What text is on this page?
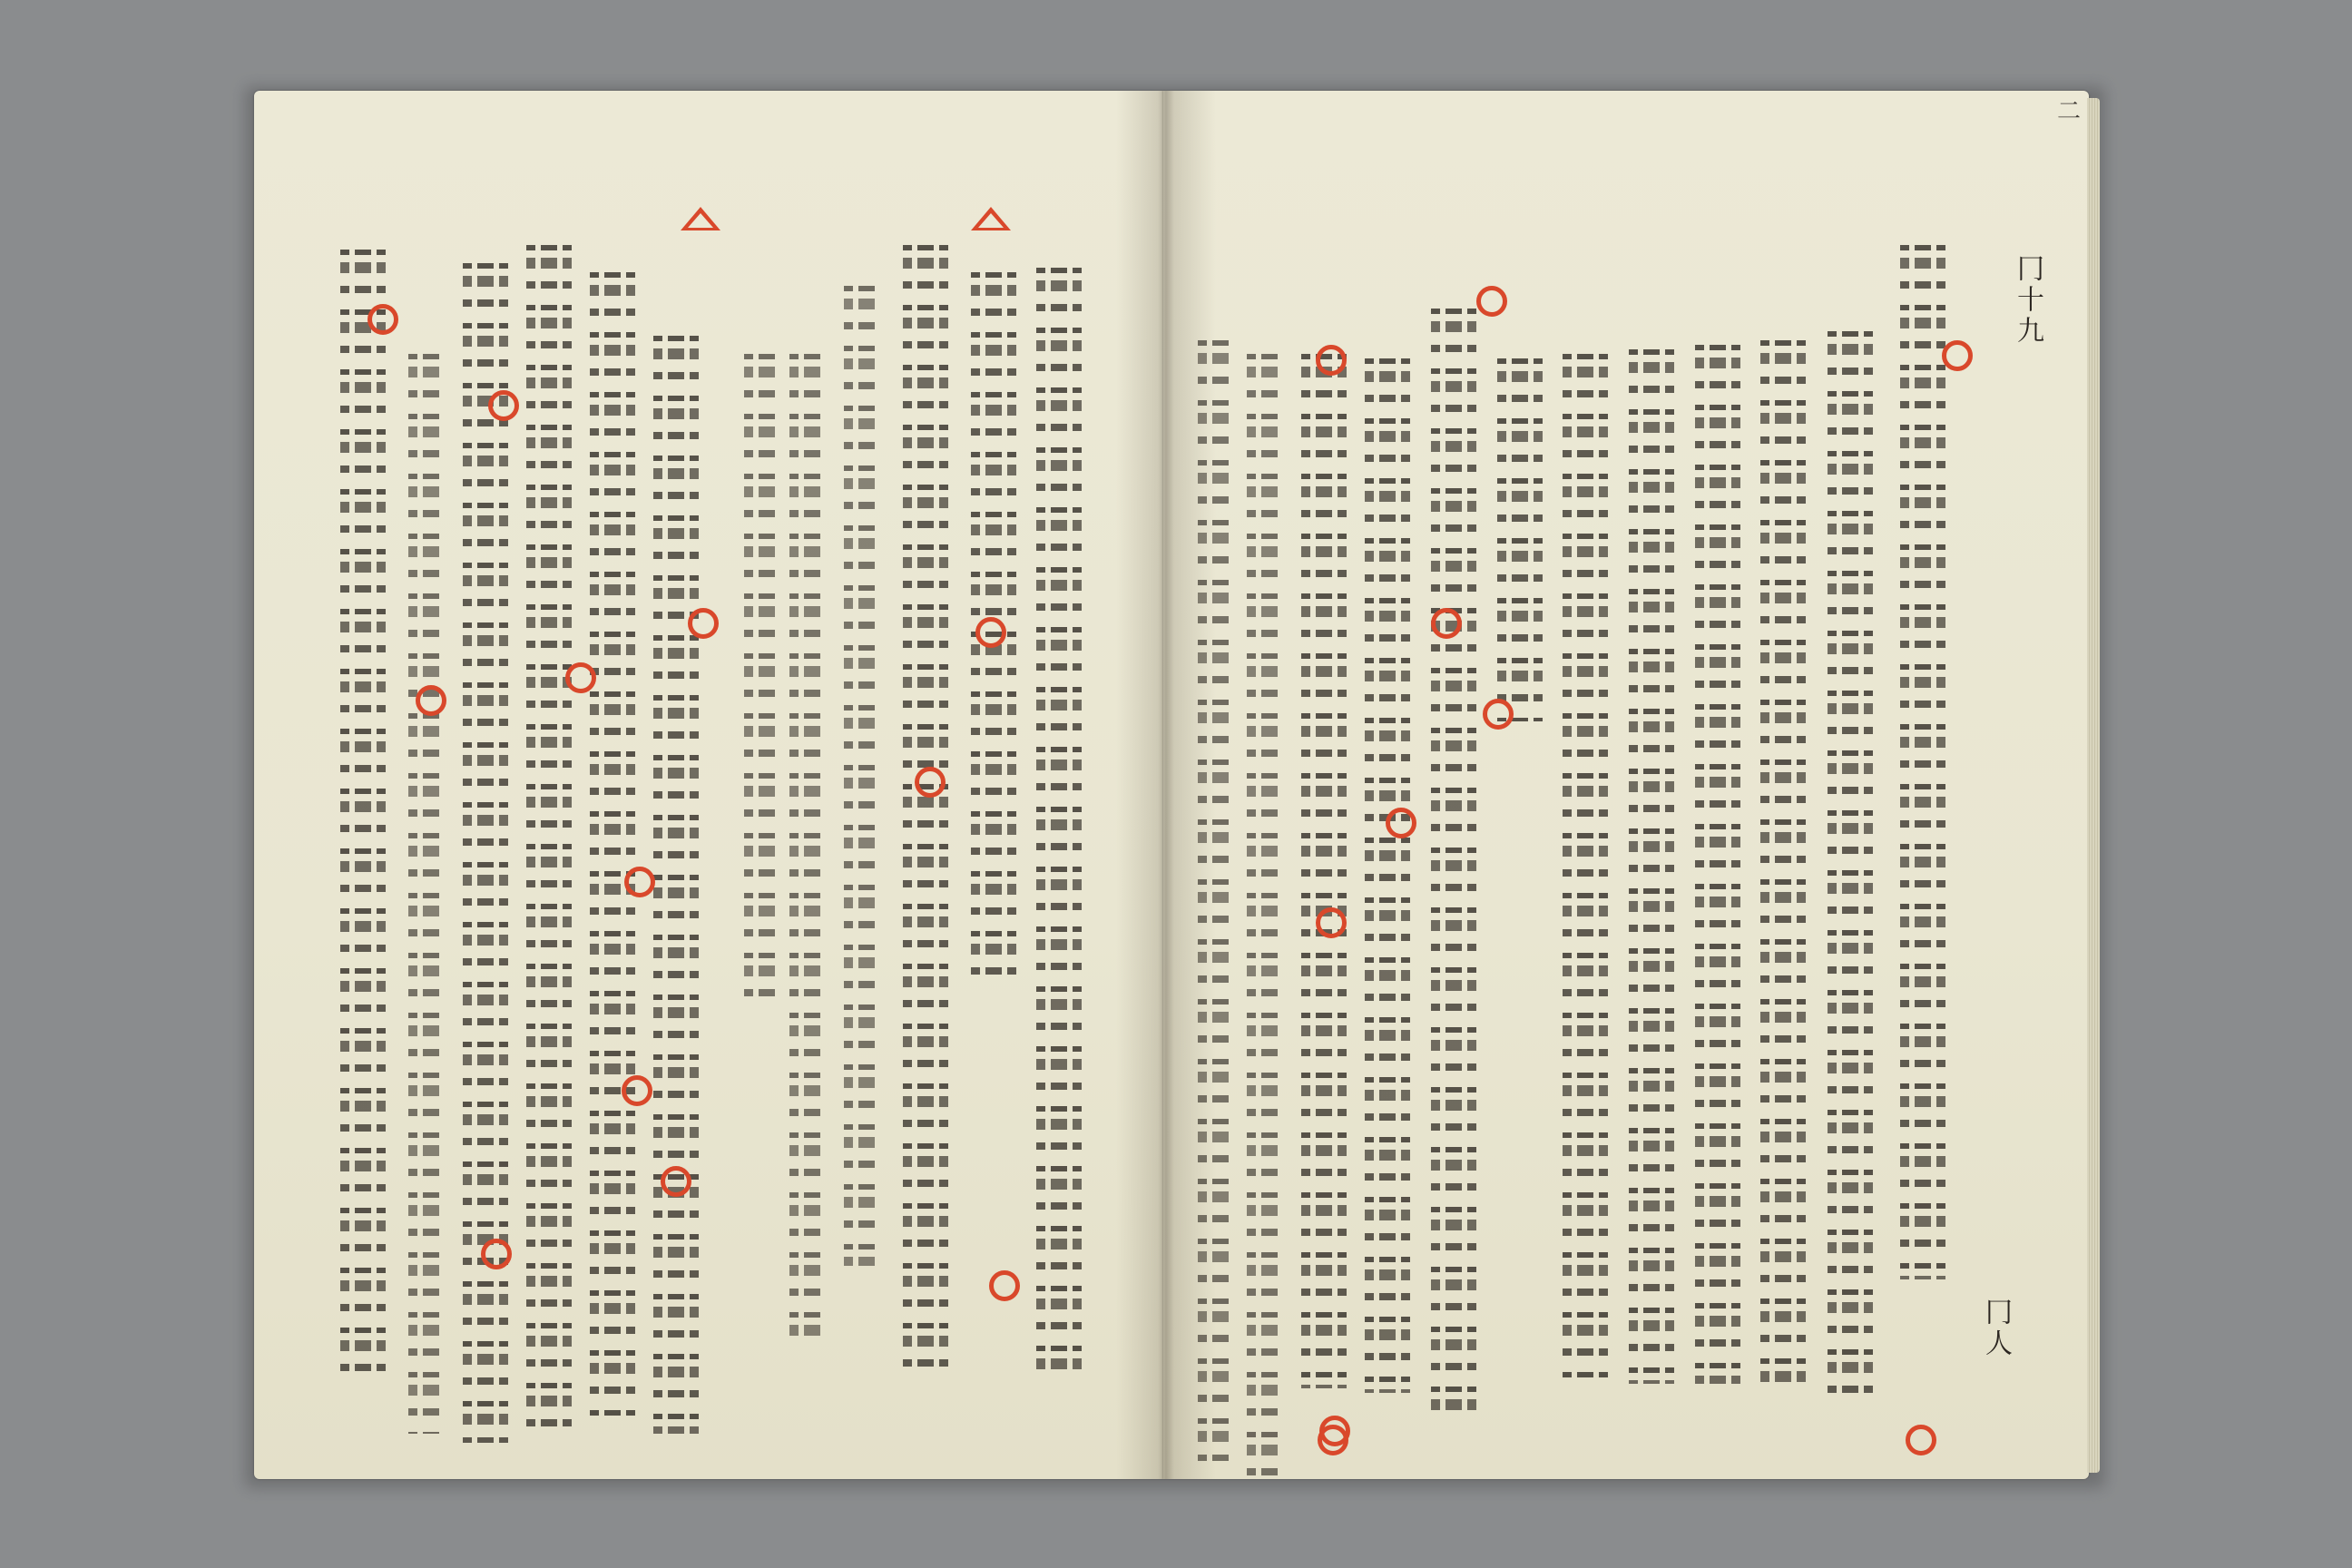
二
冂十九
冂人
